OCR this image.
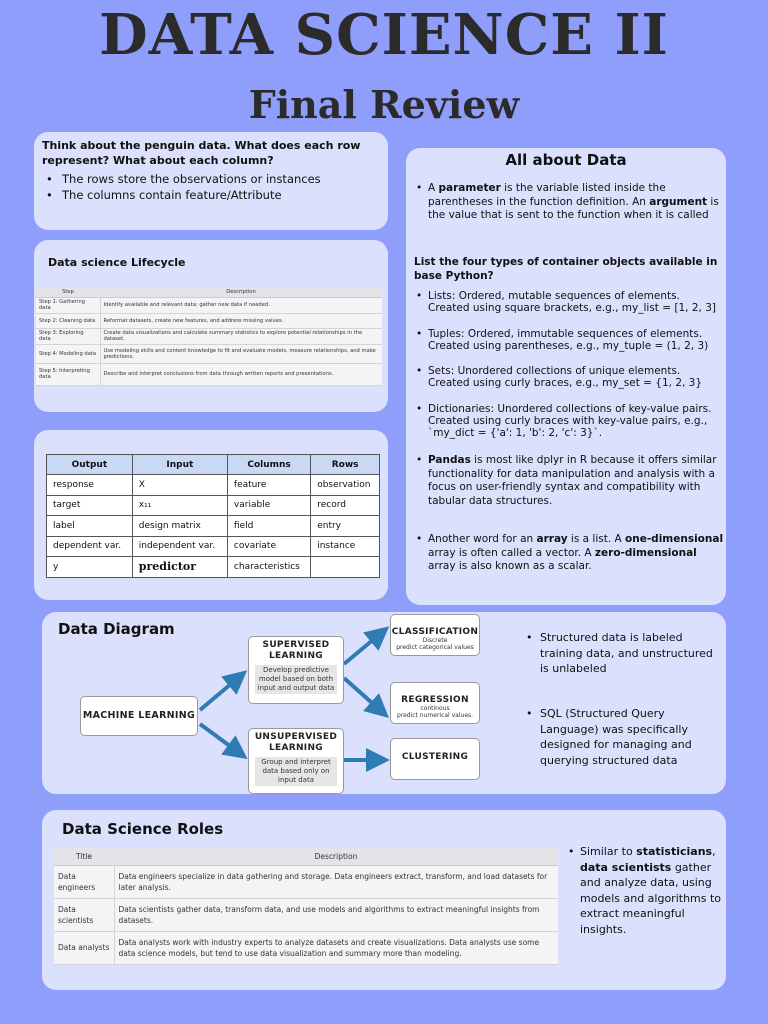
DATA SCIENCE II
Final Review
Think about the penguin data. What does each row represent? What about each column?
• The rows store the observations or instances
• The columns contain feature/Attribute
Data science Lifecycle
Step	Description
Step 1: Gathering data	Identify available and relevant data; gather new data if needed.
Step 2: Cleaning data	Reformat datasets, create new features, and address missing values.
Step 3: Exploring data	Create data visualizations and calculate summary statistics to explore potential relationships in the dataset.
Step 4: Modeling data	Use modeling skills and content knowledge to fit and evaluate models, measure relationships, and make predictions.
Step 5: Interpreting data	Describe and interpret conclusions from data through written reports and presentations.
Output	Input	Columns	Rows
response	X	feature	observation
target	x₁₁	variable	record
label	design matrix	field	entry
dependent var.	independent var.	covariate	instance
y	predictor	characteristics	
All about Data
• A parameter is the variable listed inside the parentheses in the function definition. An argument is the value that is sent to the function when it is called
List the four types of container objects available in base Python?
• Lists: Ordered, mutable sequences of elements. Created using square brackets, e.g., my_list = [1, 2, 3]
• Tuples: Ordered, immutable sequences of elements. Created using parentheses, e.g., my_tuple = (1, 2, 3)
• Sets: Unordered collections of unique elements. Created using curly braces, e.g., my_set = {1, 2, 3}
• Dictionaries: Unordered collections of key-value pairs. Created using curly braces with key-value pairs, e.g., `my_dict = {'a': 1, 'b': 2, 'c': 3}`.
• Pandas is most like dplyr in R because it offers similar functionality for data manipulation and analysis with a focus on user-friendly syntax and compatibility with tabular data structures.
• Another word for an array is a list. A one-dimensional array is often called a vector. A zero-dimensional array is also known as a scalar.
Data Diagram
MACHINE LEARNING
SUPERVISED LEARNING
Develop predictive model based on both input and output data
UNSUPERVISED LEARNING
Group and interpret data based only on input data
CLASSIFICATION
Discrete
predict categorical values
REGRESSION
continous
predict numerical values.
CLUSTERING
• Structured data is labeled training data, and unstructured is unlabeled
• SQL (Structured Query Language) was specifically designed for managing and querying structured data
Data Science Roles
Title	Description
Data engineers	Data engineers specialize in data gathering and storage. Data engineers extract, transform, and load datasets for later analysis.
Data scientists	Data scientists gather data, transform data, and use models and algorithms to extract meaningful insights from datasets.
Data analysts	Data analysts work with industry experts to analyze datasets and create visualizations. Data analysts use some data science models, but tend to use data visualization and summary more than modeling.
• Similar to statisticians, data scientists gather and analyze data, using models and algorithms to extract meaningful insights.
